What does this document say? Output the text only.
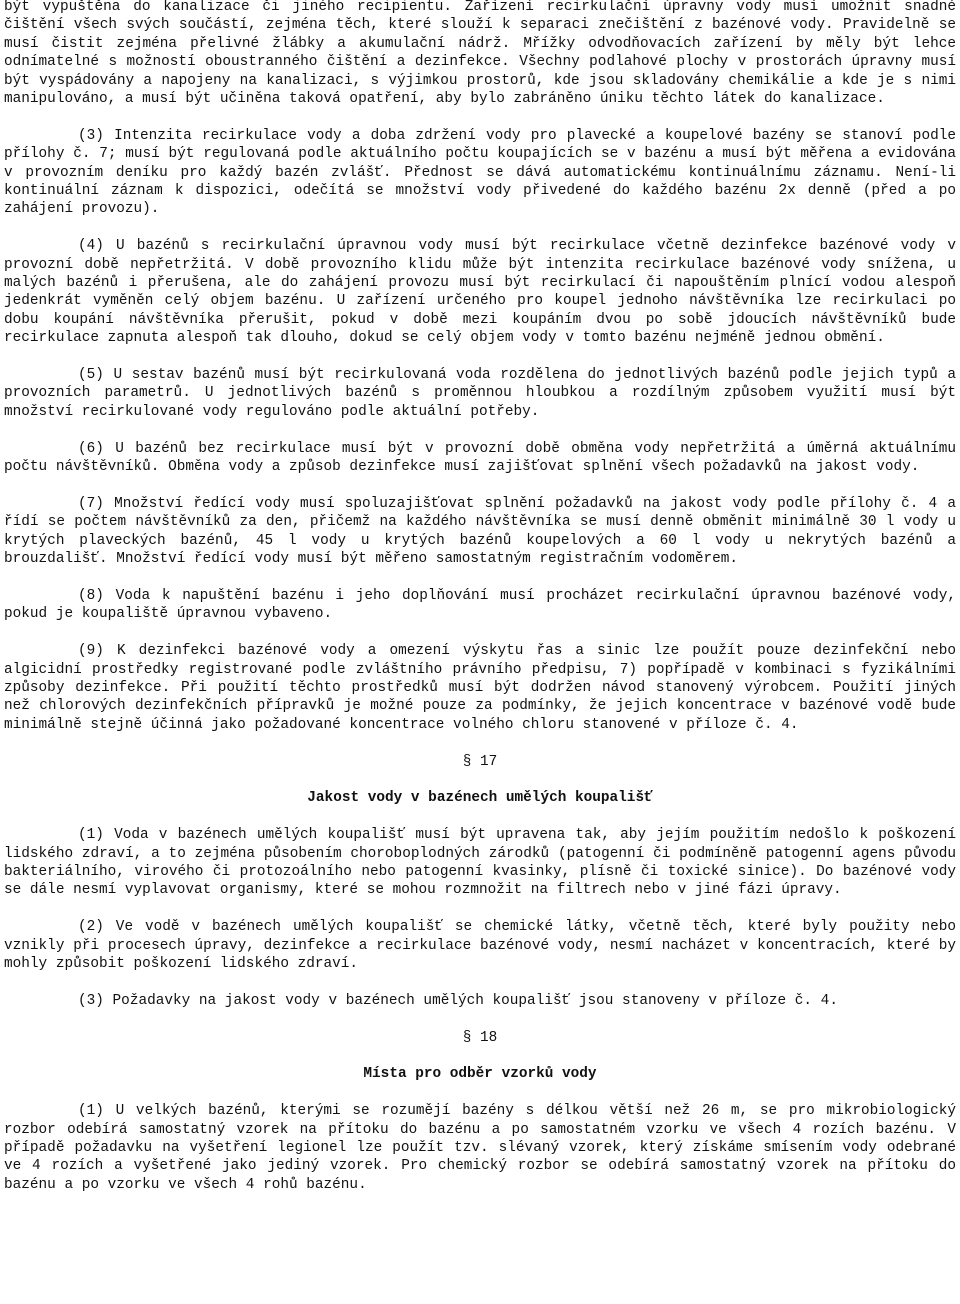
být vypuštěna do kanalizace či jiného recipientu. Zařízení recirkulační úpravny vody musí umožnit snadné čištění všech svých součástí, zejména těch, které slouží k separaci znečištění z bazénové vody. Pravidelně se musí čistit zejména přelivné žlábky a akumulační nádrž. Mřížky odvodňovacích zařízení by měly být lehce odnímatelné s možností oboustranného čištění a dezinfekce. Všechny podlahové plochy v prostorách úpravny musí být vyspádovány a napojeny na kanalizaci, s výjimkou prostorů, kde jsou skladovány chemikálie a kde je s nimi manipulováno, a musí být učiněna taková opatření, aby bylo zabráněno úniku těchto látek do kanalizace.

(3) Intenzita recirkulace vody a doba zdržení vody pro plavecké a koupelové bazény se stanoví podle přílohy č. 7; musí být regulovaná podle aktuálního počtu koupajících se v bazénu a musí být měřena a evidována v provozním deníku pro každý bazén zvlášť. Přednost se dává automatickému kontinuálnímu záznamu. Není-li kontinuální záznam k dispozici, odečítá se množství vody přivedené do každého bazénu 2x denně (před a po zahájení provozu).

(4) U bazénů s recirkulační úpravnou vody musí být recirkulace včetně dezinfekce bazénové vody v provozní době nepřetržitá. V době provozního klidu může být intenzita recirkulace bazénové vody snížena, u malých bazénů i přerušena, ale do zahájení provozu musí být recirkulací či napouštěním plnící vodou alespoň jedenkrát vyměněn celý objem bazénu. U zařízení určeného pro koupel jednoho návštěvníka lze recirkulaci po dobu koupání návštěvníka přerušit, pokud v době mezi koupáním dvou po sobě jdoucích návštěvníků bude recirkulace zapnuta alespoň tak dlouho, dokud se celý objem vody v tomto bazénu nejméně jednou obmění.

(5) U sestav bazénů musí být recirkulovaná voda rozdělena do jednotlivých bazénů podle jejich typů a provozních parametrů. U jednotlivých bazénů s proměnnou hloubkou a rozdílným způsobem využití musí být množství recirkulované vody regulováno podle aktuální potřeby.

(6) U bazénů bez recirkulace musí být v provozní době obměna vody nepřetržitá a úměrná aktuálnímu počtu návštěvníků. Obměna vody a způsob dezinfekce musí zajišťovat splnění všech požadavků na jakost vody.

(7) Množství ředící vody musí spoluzajišťovat splnění požadavků na jakost vody podle přílohy č. 4 a řídí se počtem návštěvníků za den, přičemž na každého návštěvníka se musí denně obměnit minimálně 30 l vody u krytých plaveckých bazénů, 45 l vody u krytých bazénů koupelových a 60 l vody u nekrytých bazénů a brouzdališť. Množství ředící vody musí být měřeno samostatným registračním vodoměrem.

(8) Voda k napuštění bazénu i jeho doplňování musí procházet recirkulační úpravnou bazénové vody, pokud je koupaliště úpravnou vybaveno.

(9) K dezinfekci bazénové vody a omezení výskytu řas a sinic lze použít pouze dezinfekční nebo algicidní prostředky registrované podle zvláštního právního předpisu, 7) popřípadě v kombinaci s fyzikálními způsoby dezinfekce. Při použití těchto prostředků musí být dodržen návod stanovený výrobcem. Použití jiných než chlorových dezinfekčních přípravků je možné pouze za podmínky, že jejich koncentrace v bazénové vodě bude minimálně stejně účinná jako požadované koncentrace volného chloru stanovené v příloze č. 4.

§ 17
Jakost vody v bazénech umělých koupališť

(1) Voda v bazénech umělých koupališť musí být upravena tak, aby jejím použitím nedošlo k poškození lidského zdraví, a to zejména působením choroboplodných zárodků (patogenní či podmíněně patogenní agens původu bakteriálního, virového či protozoálního nebo patogenní kvasinky, plísně či toxické sinice). Do bazénové vody se dále nesmí vyplavovat organismy, které se mohou rozmnožit na filtrech nebo v jiné fázi úpravy.

(2) Ve vodě v bazénech umělých koupališť se chemické látky, včetně těch, které byly použity nebo vznikly při procesech úpravy, dezinfekce a recirkulace bazénové vody, nesmí nacházet v koncentracích, které by mohly způsobit poškození lidského zdraví.

(3) Požadavky na jakost vody v bazénech umělých koupališť jsou stanoveny v příloze č. 4.

§ 18
Místa pro odběr vzorků vody

(1) U velkých bazénů, kterými se rozumějí bazény s délkou větší než 26 m, se pro mikrobiologický rozbor odebírá samostatný vzorek na přítoku do bazénu a po samostatném vzorku ve všech 4 rozích bazénu. V případě požadavku na vyšetření legionel lze použít tzv. slévaný vzorek, který získáme smísením vody odebrané ve 4 rozích a vyšetřené jako jediný vzorek. Pro chemický rozbor se odebírá samostatný vzorek na přítoku do bazénu a po vzorku ve všech 4 rohů bazénu.
